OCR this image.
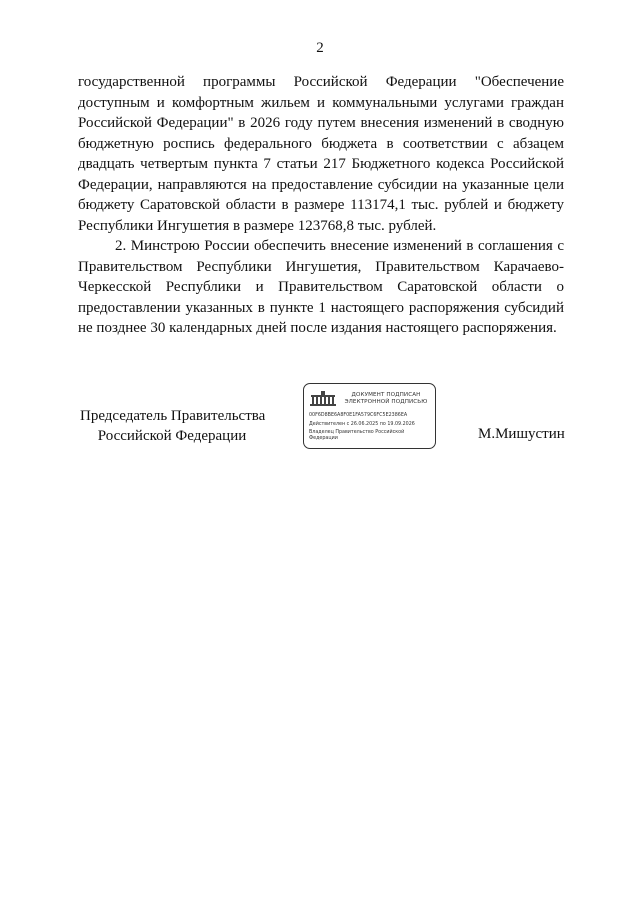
2

государственной программы Российской Федерации "Обеспечение доступным и комфортным жильем и коммунальными услугами граждан Российской Федерации" в 2026 году путем внесения изменений в сводную бюджетную роспись федерального бюджета в соответствии с абзацем двадцать четвертым пункта 7 статьи 217 Бюджетного кодекса Российской Федерации, направляются на предоставление субсидии на указанные цели бюджету Саратовской области в размере 113174,1 тыс. рублей и бюджету Республики Ингушетия в размере 123768,8 тыс. рублей.

2. Минстрою России обеспечить внесение изменений в соглашения с Правительством Республики Ингушетия, Правительством Карачаево-Черкесской Республики и Правительством Саратовской области о предоставлении указанных в пункте 1 настоящего распоряжения субсидий не позднее 30 календарных дней после издания настоящего распоряжения.

Председатель Правительства
Российской Федерации
ДОКУМЕНТ ПОДПИСАН
ЭЛЕКТРОННОЙ ПОДПИСЬЮ
00F6D8BE6A8F0E1FA579C6FC5E2386EA
Действителен с 26.06.2025 по 19.09.2026
Владелец Правительство Российской Федерации	М.Мишустин
